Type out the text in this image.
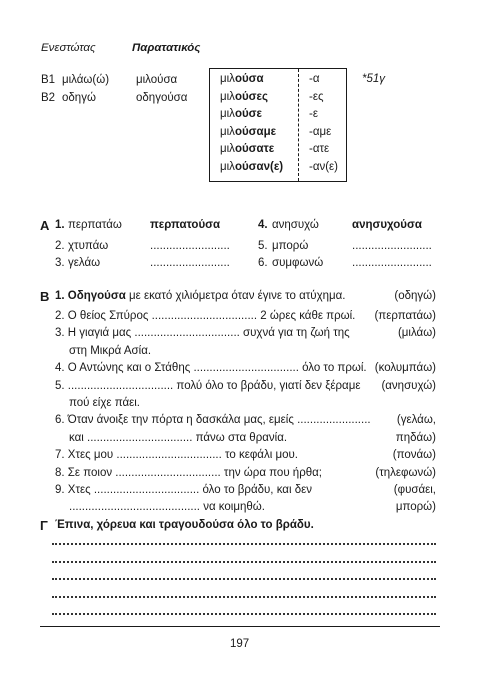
Ενεστώτας	Παρατατικός
Β1 μιλάω(ώ) μιλούσα
Β2 οδηγώ	οδηγούσα
μιλούσα	-α
μιλούσες	-ες
μιλούσε	-ε
μιλούσαμε	-αμε
μιλούσατε	-ατε
μιλούσαν(ε) -αν(ε)
*51γ
Α 1. περπατάω περπατούσα	4. ανησυχώ	ανησυχούσα
2. χτυπάω	......................... 5. μπορώ	.........................
3. γελάω	......................... 6. συμφωνώ	.........................
Β 1. Οδηγούσα με εκατό χιλιόμετρα όταν έγινε το ατύχημα.	(οδηγώ)
2. Ο θείος Σπύρος ................................. 2 ώρες κάθε πρωί. (περπατάω)
3. Η γιαγιά μας ................................. συχνά για τη ζωή της	(μιλάω)
στη Μικρά Ασία.
4. Ο Αντώνης και ο Στάθης ................................. όλο το πρωί. (κολυμπάω)
5. ................................. πολύ όλο το βράδυ, γιατί δεν ξέραμε (ανησυχώ)
πού είχε πάει.
6. Όταν άνοιξε την πόρτα η δασκάλα μας, εμείς ....................... (γελάω,
και ................................. πάνω στα θρανία.	πηδάω)
7. Χτες μου ................................. το κεφάλι μου.	(πονάω)
8. Σε ποιον ................................. την ώρα που ήρθα;	(τηλεφωνώ)
9. Χτες ................................. όλο το βράδυ, και δεν	(φυσάει,
......................................... να κοιμηθώ.	μπορώ)
Γ Έπινα, χόρευα και τραγουδούσα όλο το βράδυ.
197
